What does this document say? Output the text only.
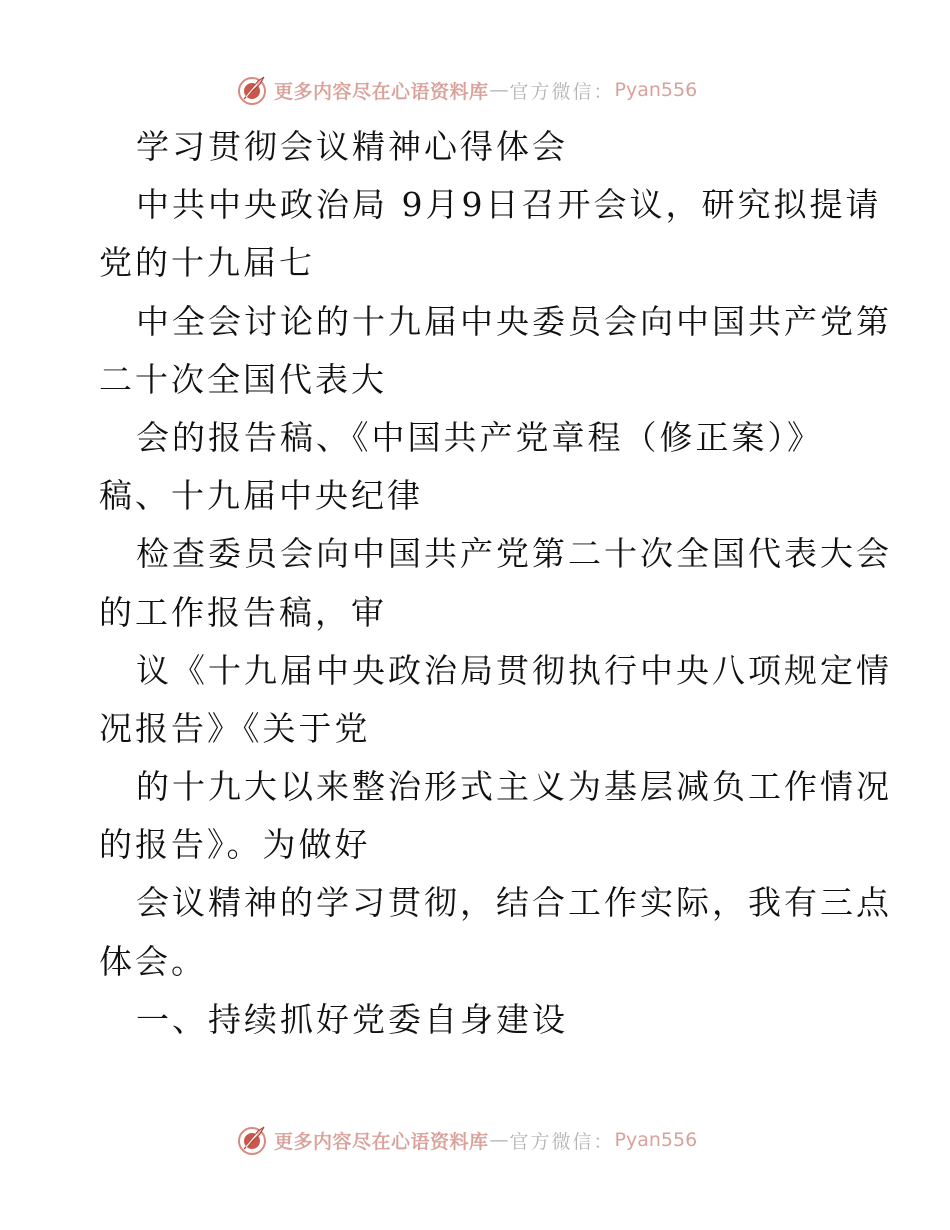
更多内容尽在心语资料库 — 官方微信： Pyan556
学习贯彻会议精神心得体会
中共中央政治局 9月9日召开会议，研究拟提请
党的十九届七
中全会讨论的十九届中央委员会向中国共产党第
二十次全国代表大
会的报告稿、《中国共产党章程（修正案）》
稿、十九届中央纪律
检查委员会向中国共产党第二十次全国代表大会
的工作报告稿，审
议《十九届中央政治局贯彻执行中央八项规定情
况报告》《关于党
的十九大以来整治形式主义为基层减负工作情况
的报告》。为做好
会议精神的学习贯彻，结合工作实际，我有三点
体会。
一、持续抓好党委自身建设
更多内容尽在心语资料库 — 官方微信： Pyan556
